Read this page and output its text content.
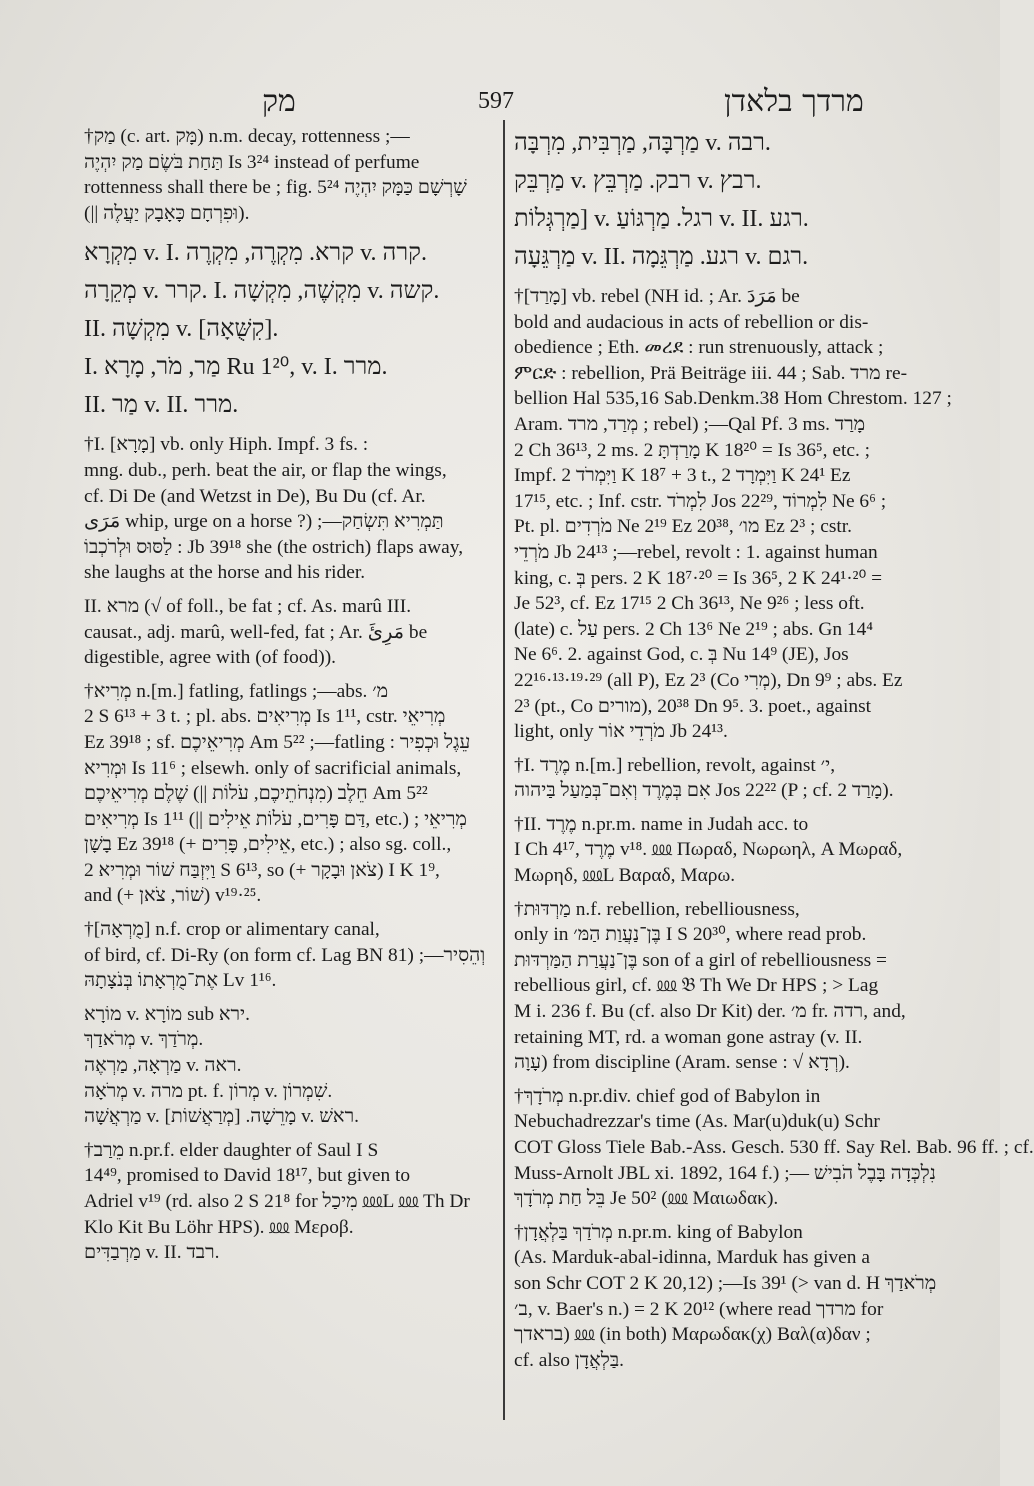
מק	597	מרדך בלאדן
†מַק (c. art. מָּק) n.m. decay, rottenness ;—
תַּחַת בֹּשֶׂם מַק יִהְיֶה Is 3²⁴ instead of perfume
rottenness shall there be ; fig. שָׁרְשָׁם כַּמָּק יִהְיֶה 5²⁴
(|| וּפִרְחָם כָּאָבָק יַעֲלֶה).
מִקְרָא v. I. קרא. מִקְרֶה, מִקְרֶה v. קרה.
מְקֵרָה v. קרר. I. מִקְשֶׁה, מִקְשָׁה v. קשה.
II. מִקְשָׁה v. [קִשֻּׁאָה].
I. מַר, מֹר, מָרָא Ru 1²⁰, v. I. מרר.
II. מַר v. II. מרר.
†I. [מָרָא] vb. only Hiph. Impf. 3 fs. :
mng. dub., perh. beat the air, or flap the wings,
cf. Di De (and Wetzst in De), Bu Du (cf. Ar.
مَرَى whip, urge on a horse ?) ;—תַּמְרִיא תִּשְׂחַק
לַסּוּס וּלְרֹכְבוֹ : Jb 39¹⁸ she (the ostrich) flaps away,
she laughs at the horse and his rider.
II. מרא (√ of foll., be fat ; cf. As. marû III.
causat., adj. marû, well-fed, fat ; Ar. مَرِئَ be
digestible, agree with (of food)).
†מְרִיא n.[m.] fatling, fatlings ;—abs. מ׳
2 S 6¹³ + 3 t. ; pl. abs. מְרִיאִים Is 1¹¹, cstr. מְרִיאֵי
Ez 39¹⁸ ; sf. מְרִיאֵיכֶם Am 5²² ;—fatling : עֵגֶל וּכְפִיר
וּמְרִיא Is 11⁶ ; elsewh. only of sacrificial animals,
חֵלֶב (מִנְחֹתֵיכֶם, עֹלוֹת ||) שֶׁלֶם מְרִיאֵיכֶם Am 5²²
מְרִיאִים Is 1¹¹ (|| דַּם פָּרִים, עֹלוֹת אֵילִים, etc.) ; מְרִיאֵי
בָשָׁן Ez 39¹⁸ (+ אֵילִים, פָּרִים, etc.) ; also sg. coll.,
וַיִּזְבַּח שׁוֹר וּמְרִיא 2 S 6¹³, so (+ צֹאן וּבָקָר) I K 1⁹,
and (+ שׁוֹר, צֹאן) v¹⁹·²⁵.
†[מֻרְאָה] n.f. crop or alimentary canal,
of bird, cf. Di-Ry (on form cf. Lag BN 81) ;—וְהֵסִיר
אֶת־מֻרְאָתוֹ בְּנֹצָתָהּ Lv 1¹⁶.
מוֹרָא v. מוֹרָא sub ירא.
מְרֹאדַךְ v. מְרֹדַךְ.
מַרְאָה, מַרְאֶה v. ראה.
מְרֹאָה v. מרה pt. f. מְרוֹן v. שִׁמְרוֹן.
מַרְאֲשָׁה v. מָרֵשָׁה. [מְרַאֲשׁוֹת] v. ראשׁ.
†מֵרַב n.pr.f. elder daughter of Saul I S
14⁴⁹, promised to David 18¹⁷, but given to
Adriel v¹⁹ (rd. also 2 S 21⁸ for מִיכַל ⅏L ⅏ Th Dr
Klo Kit Bu Löhr HPS). ⅏ Μεροβ.
מַרְבַדִּים v. II. רבד.
מַרְבָּה, מַרְבִּית, מִרְבָּה v. רבה.
מַרְבֵּק v. רבק. מַרְבֵּץ v. רבץ.
מַרְגְּלוֹת] v. רגל. מַרְגּוֹעַ v. II. רגע.
מַרְגֵּעָה v. II. רגע. מַרְגֵּמָה v. רגם.
†[מָרַד] vb. rebel (NH id. ; Ar. مَرَدَ be
bold and audacious in acts of rebellion or dis-
obedience ; Eth. መረደ : run strenuously, attack ;
ምርድ : rebellion, Prä Beiträge iii. 44 ; Sab. מרד re-
bellion Hal 535,16 Sab.Denkm.38 Hom Chrestom. 127 ;
Aram. מְרַד, מרד ; rebel) ;—Qal Pf. 3 ms. מָרַד
2 Ch 36¹³, 2 ms. מָרַדְתָּ 2 K 18²⁰ = Is 36⁵, etc. ;
Impf. וַיִּמְרֹד 2 K 18⁷ + 3 t., וַיִּמְרָד 2 K 24¹ Ez
17¹⁵, etc. ; Inf. cstr. לִמְרֹד Jos 22²⁹, לִמְרוֹד Ne 6⁶ ;
Pt. pl. מֹרְדִים Ne 2¹⁹ Ez 20³⁸, מו׳ Ez 2³ ; cstr.
מֹרְדֵי Jb 24¹³ ;—rebel, revolt : 1. against human
king, c. בְּ pers. 2 K 18⁷·²⁰ = Is 36⁵, 2 K 24¹·²⁰ =
Je 52³, cf. Ez 17¹⁵ 2 Ch 36¹³, Ne 9²⁶ ; less oft.
(late) c. עַל pers. 2 Ch 13⁶ Ne 2¹⁹ ; abs. Gn 14⁴
Ne 6⁶. 2. against God, c. בְּ Nu 14⁹ (JE), Jos
22¹⁶·¹³·¹⁹·²⁹ (all P), Ez 2³ (Co מְרִי), Dn 9⁹ ; abs. Ez
2³ (pt., Co מורים), 20³⁸ Dn 9⁵. 3. poet., against
light, only מֹרְדֵי אוֹר Jb 24¹³.
†I. מֶרֶד n.[m.] rebellion, revolt, against י׳,
אִם בְּמֶרֶד וְאִם־בְּמַעַל בַּיהוה Jos 22²² (P ; cf. מָרַד 2).
†II. מֶרֶד n.pr.m. name in Judah acc. to
I Ch 4¹⁷, מֶרֶד v¹⁸. ⅏ Πωραδ, Νωρωηλ, A Μωραδ,
Μωρηδ, ⅏L Βαραδ, Μαρω.
†מַרְדּוּת n.f. rebellion, rebelliousness,
only in בֶּן־נַעֲוַת הַמּ׳ I S 20³⁰, where read prob.
בֶּן־נַעֲרַת הַמַּרְדּוּת son of a girl of rebelliousness =
rebellious girl, cf. ⅏ 𝔅 Th We Dr HPS ; > Lag
M i. 236 f. Bu (cf. also Dr Kit) der. מ׳ fr. רדה, and,
retaining MT, rd. a woman gone astray (v. II.
עָוָה) from discipline (Aram. sense : √ רְדָא).
†מְרֹדָךְ n.pr.div. chief god of Babylon in
Nebuchadrezzar's time (As. Mar(u)duk(u) Schr
COT Gloss Tiele Bab.-Ass. Gesch. 530 ff. Say Rel. Bab. 96 ff. ; cf.
Muss-Arnolt JBL xi. 1892, 164 f.) ;— נִלְכְּדָה בָּבֶל הֹבִישׁ
בֵּל חַת מְרֹדָךְ Je 50² (⅏ Μαιωδακ).
†מְרֹדַךְ בַּלְאֲדָן n.pr.m. king of Babylon
(As. Marduk-abal-idinna, Marduk has given a
son Schr COT 2 K 20,12) ;—Is 39¹ (> van d. H מְרֹאדַךְ
ב׳, v. Baer's n.) = 2 K 20¹² (where read מרדך for
בראדך) ⅏ (in both) Μαρωδακ(χ) Βαλ(α)δαν ;
cf. also בַּלְאֲדָן.
